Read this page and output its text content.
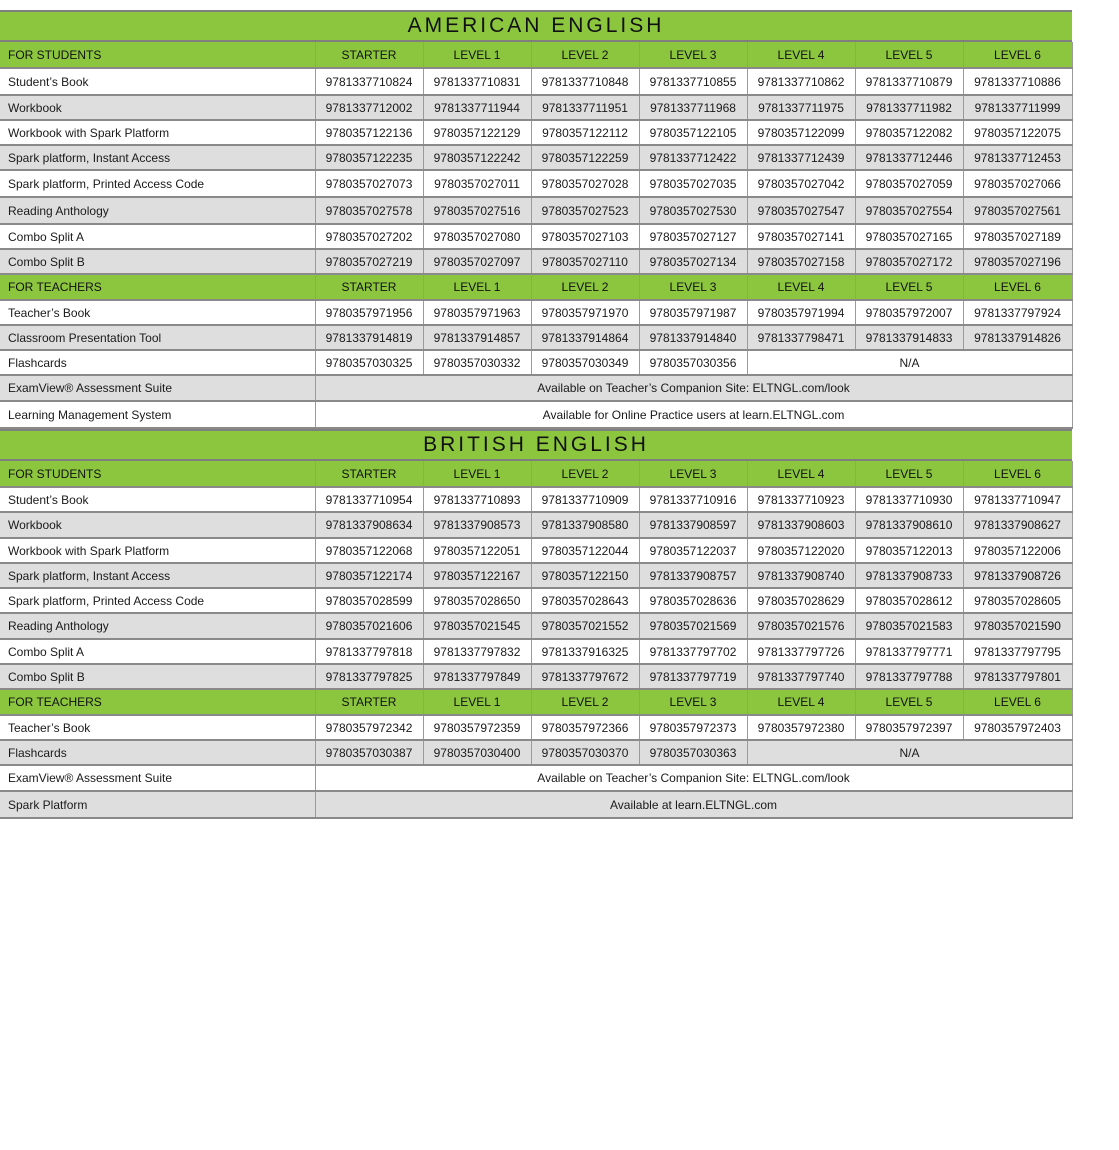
AMERICAN ENGLISH
FOR STUDENTS	STARTER	LEVEL 1	LEVEL 2	LEVEL 3	LEVEL 4	LEVEL 5	LEVEL 6
Student’s Book	9781337710824	9781337710831	9781337710848	9781337710855	9781337710862	9781337710879	9781337710886
Workbook	9781337712002	9781337711944	9781337711951	9781337711968	9781337711975	9781337711982	9781337711999
Workbook with Spark Platform	9780357122136	9780357122129	9780357122112	9780357122105	9780357122099	9780357122082	9780357122075
Spark platform, Instant Access	9780357122235	9780357122242	9780357122259	9781337712422	9781337712439	9781337712446	9781337712453
Spark platform, Printed Access Code	9780357027073	9780357027011	9780357027028	9780357027035	9780357027042	9780357027059	9780357027066
Reading Anthology	9780357027578	9780357027516	9780357027523	9780357027530	9780357027547	9780357027554	9780357027561
Combo Split A	9780357027202	9780357027080	9780357027103	9780357027127	9780357027141	9780357027165	9780357027189
Combo Split B	9780357027219	9780357027097	9780357027110	9780357027134	9780357027158	9780357027172	9780357027196
FOR TEACHERS	STARTER	LEVEL 1	LEVEL 2	LEVEL 3	LEVEL 4	LEVEL 5	LEVEL 6
Teacher’s Book	9780357971956	9780357971963	9780357971970	9780357971987	9780357971994	9780357972007	9781337797924
Classroom Presentation Tool	9781337914819	9781337914857	9781337914864	9781337914840	9781337798471	9781337914833	9781337914826
Flashcards	9780357030325	9780357030332	9780357030349	9780357030356	N/A		
ExamView® Assessment Suite	Available on Teacher’s Companion Site: ELTNGL.com/look						
Learning Management System	Available for Online Practice users at learn.ELTNGL.com						
BRITISH ENGLISH
FOR STUDENTS	STARTER	LEVEL 1	LEVEL 2	LEVEL 3	LEVEL 4	LEVEL 5	LEVEL 6
Student’s Book	9781337710954	9781337710893	9781337710909	9781337710916	9781337710923	9781337710930	9781337710947
Workbook	9781337908634	9781337908573	9781337908580	9781337908597	9781337908603	9781337908610	9781337908627
Workbook with Spark Platform	9780357122068	9780357122051	9780357122044	9780357122037	9780357122020	9780357122013	9780357122006
Spark platform, Instant Access	9780357122174	9780357122167	9780357122150	9781337908757	9781337908740	9781337908733	9781337908726
Spark platform, Printed Access Code	9780357028599	9780357028650	9780357028643	9780357028636	9780357028629	9780357028612	9780357028605
Reading Anthology	9780357021606	9780357021545	9780357021552	9780357021569	9780357021576	9780357021583	9780357021590
Combo Split A	9781337797818	9781337797832	9781337916325	9781337797702	9781337797726	9781337797771	9781337797795
Combo Split B	9781337797825	9781337797849	9781337797672	9781337797719	9781337797740	9781337797788	9781337797801
FOR TEACHERS	STARTER	LEVEL 1	LEVEL 2	LEVEL 3	LEVEL 4	LEVEL 5	LEVEL 6
Teacher’s Book	9780357972342	9780357972359	9780357972366	9780357972373	9780357972380	9780357972397	9780357972403
Flashcards	9780357030387	9780357030400	9780357030370	9780357030363	N/A		
ExamView® Assessment Suite	Available on Teacher’s Companion Site: ELTNGL.com/look						
Spark Platform	Available at learn.ELTNGL.com						
